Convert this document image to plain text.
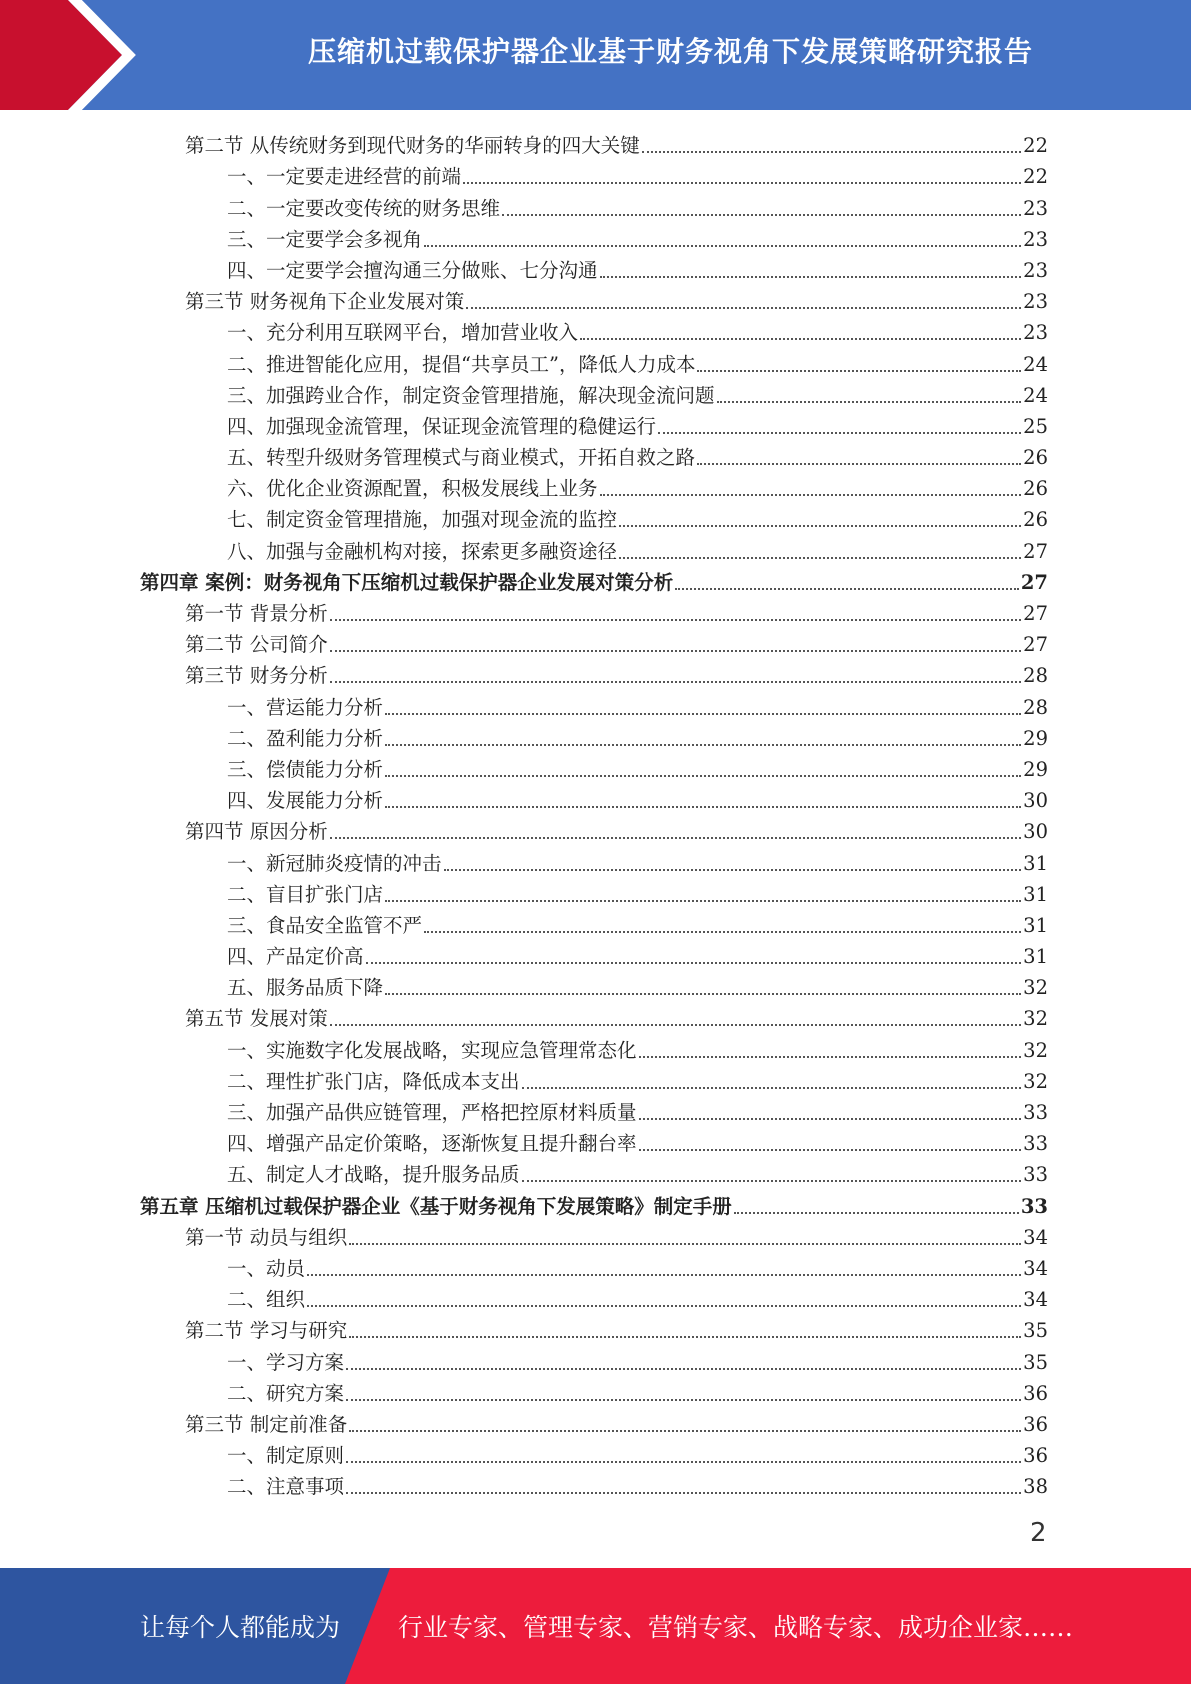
压缩机过载保护器企业基于财务视角下发展策略研究报告
第二节 从传统财务到现代财务的华丽转身的四大关键	22
一、一定要走进经营的前端	22
二、一定要改变传统的财务思维	23
三、一定要学会多视角	23
四、一定要学会擅沟通三分做账、七分沟通	23
第三节 财务视角下企业发展对策	23
一、充分利用互联网平台，增加营业收入	23
二、推进智能化应用，提倡“共享员工”，降低人力成本	24
三、加强跨业合作，制定资金管理措施，解决现金流问题	24
四、加强现金流管理，保证现金流管理的稳健运行	25
五、转型升级财务管理模式与商业模式，开拓自救之路	26
六、优化企业资源配置，积极发展线上业务	26
七、制定资金管理措施，加强对现金流的监控	26
八、加强与金融机构对接，探索更多融资途径	27
第四章 案例：财务视角下压缩机过载保护器企业发展对策分析	27
第一节 背景分析	27
第二节 公司简介	27
第三节 财务分析	28
一、营运能力分析	28
二、盈利能力分析	29
三、偿债能力分析	29
四、发展能力分析	30
第四节 原因分析	30
一、新冠肺炎疫情的冲击	31
二、盲目扩张门店	31
三、食品安全监管不严	31
四、产品定价高	31
五、服务品质下降	32
第五节 发展对策	32
一、实施数字化发展战略，实现应急管理常态化	32
二、理性扩张门店，降低成本支出	32
三、加强产品供应链管理，严格把控原材料质量	33
四、增强产品定价策略，逐渐恢复且提升翻台率	33
五、制定人才战略，提升服务品质	33
第五章 压缩机过载保护器企业《基于财务视角下发展策略》制定手册	33
第一节 动员与组织	34
一、动员	34
二、组织	34
第二节 学习与研究	35
一、学习方案	35
二、研究方案	36
第三节 制定前准备	36
一、制定原则	36
二、注意事项	38
2
让每个人都能成为 行业专家、管理专家、营销专家、战略专家、成功企业家……
